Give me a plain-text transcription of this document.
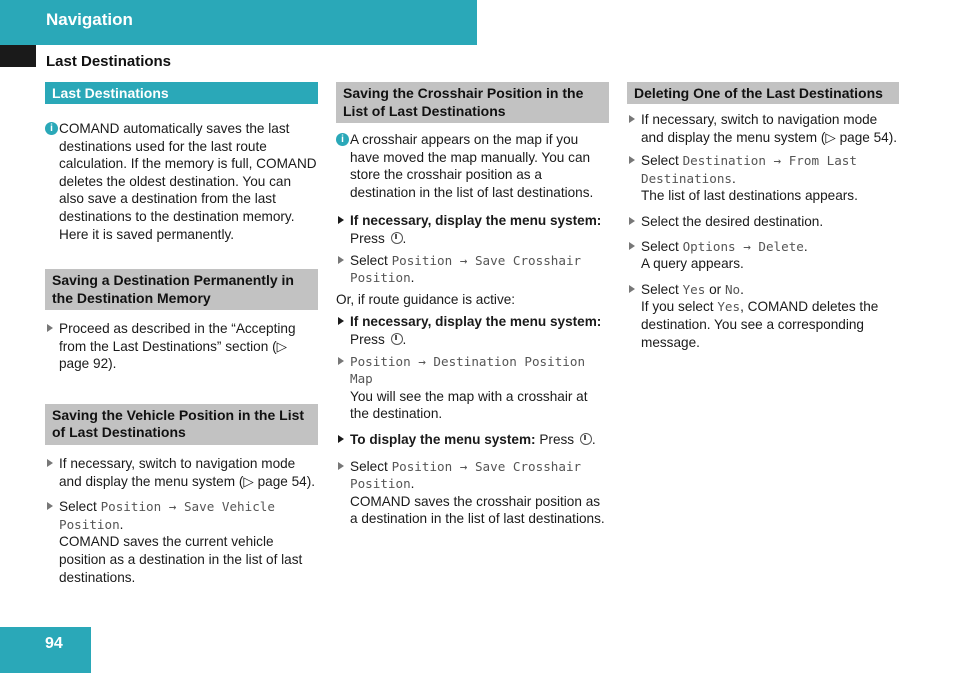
Navigation
Last Destinations
Last Destinations
i COMAND automatically saves the last destinations used for the last route calculation. If the memory is full, COMAND deletes the oldest destination. You can also save a destination from the last destinations to the destination memory. Here it is saved permanently.
Saving a Destination Permanently in the Destination Memory
Proceed as described in the “Accepting from the Last Destinations” section (▷ page 92).
Saving the Vehicle Position in the List of Last Destinations
If necessary, switch to navigation mode and display the menu system (▷ page 54).
Select Position → Save Vehicle Position.
COMAND saves the current vehicle position as a destination in the list of last destinations.
Saving the Crosshair Position in the List of Last Destinations
i A crosshair appears on the map if you have moved the map manually. You can store the crosshair position as a destination in the list of last destinations.
If necessary, display the menu system:
Press .
Select Position → Save Crosshair Position.
Or, if route guidance is active:
If necessary, display the menu system:
Press .
Position → Destination Position Map
You will see the map with a crosshair at the destination.
To display the menu system: Press .
Select Position → Save Crosshair Position.
COMAND saves the crosshair position as a destination in the list of last destinations.
Deleting One of the Last Destinations
If necessary, switch to navigation mode and display the menu system (▷ page 54).
Select Destination → From Last Destinations.
The list of last destinations appears.
Select the desired destination.
Select Options → Delete.
A query appears.
Select Yes or No.
If you select Yes, COMAND deletes the destination. You see a corresponding message.
94
